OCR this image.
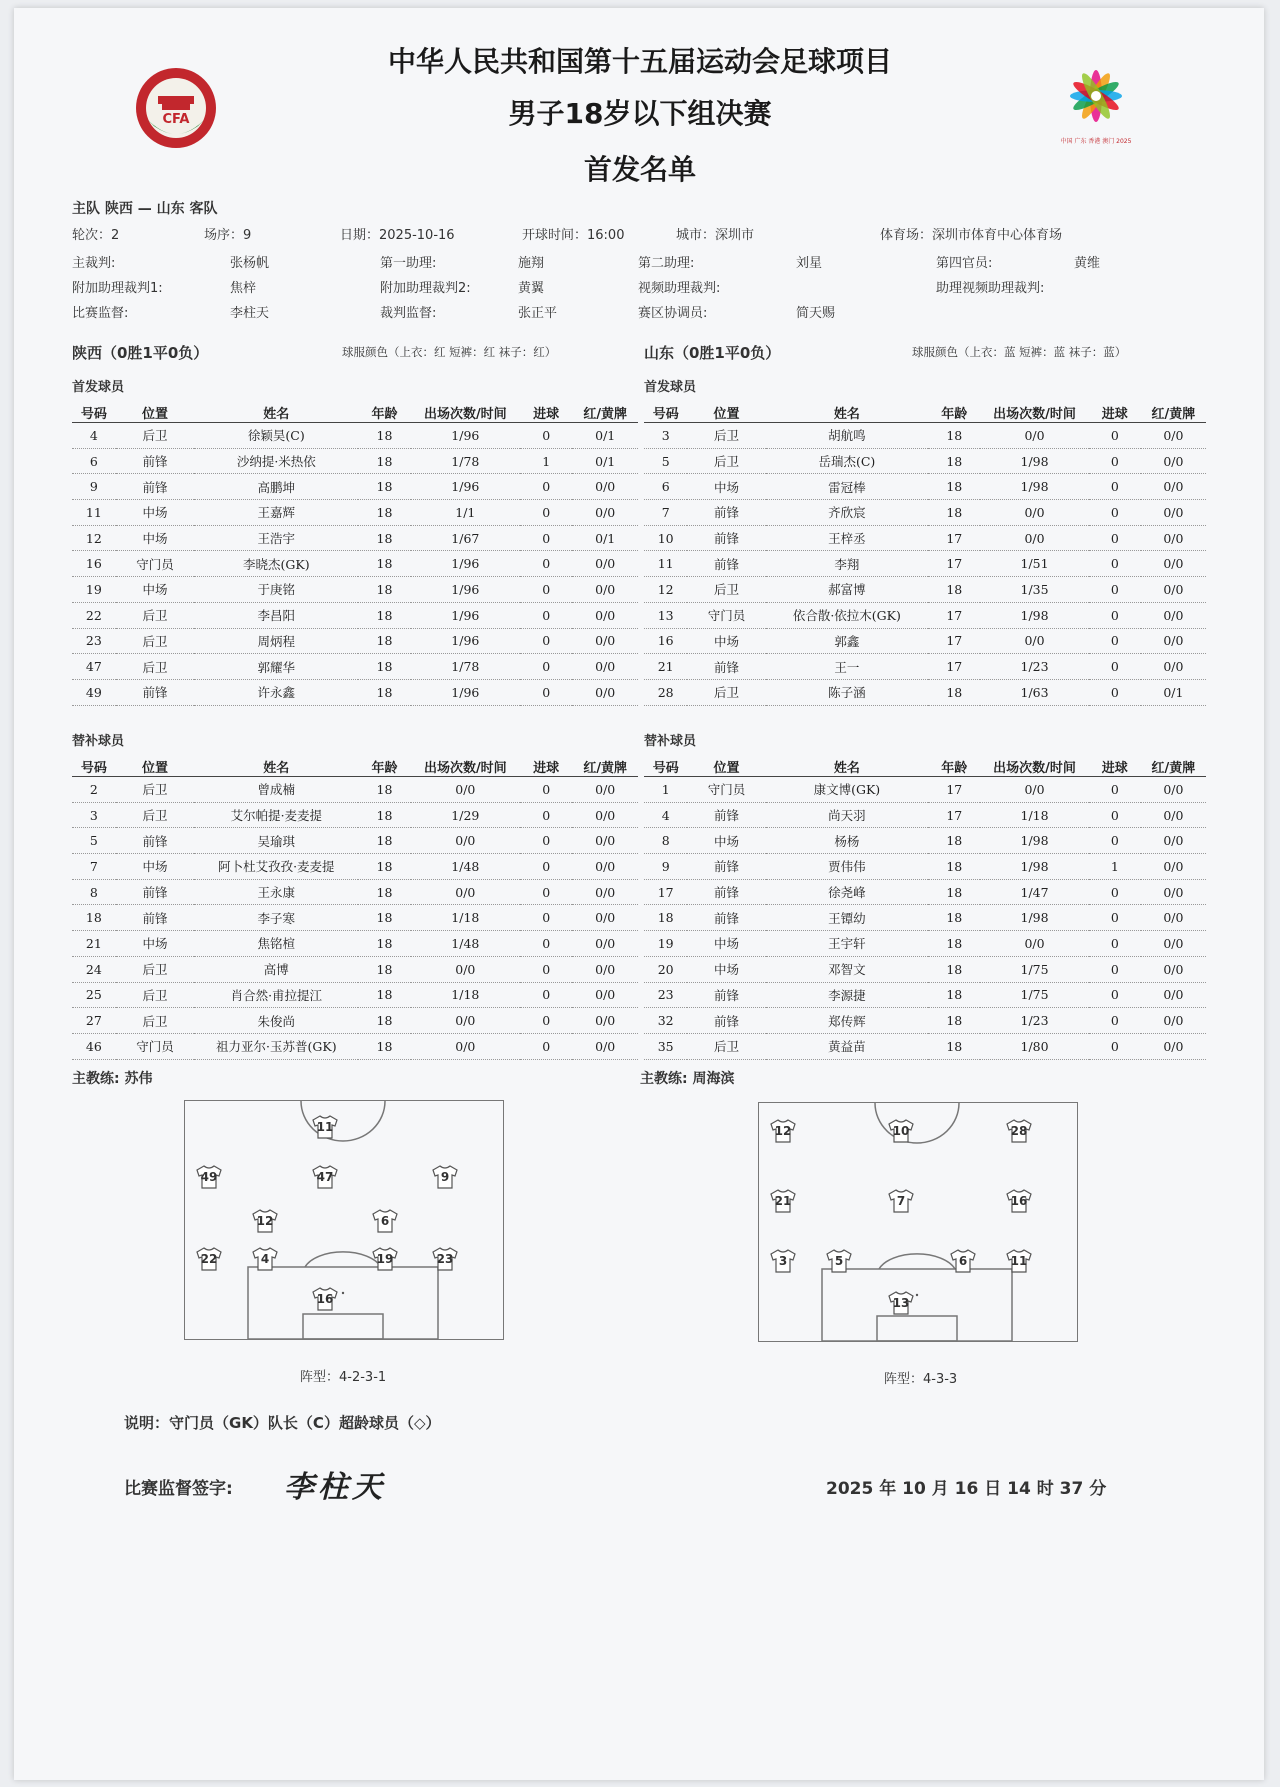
CFA
中国 广东 香港 澳门 2025
中华人民共和国第十五届运动会足球项目
男子18岁以下组决赛
首发名单
主队 陕西 — 山东 客队
轮次：2	场序：9	日期：2025-10-16	开球时间：16:00	城市：深圳市	体育场：深圳市体育中心体育场
主裁判:	张杨帆	第一助理:	施翔	第二助理:	刘星	第四官员:	黄维
附加助理裁判1:	焦梓	附加助理裁判2:	黄翼	视频助理裁判:	助理视频助理裁判:
比赛监督:	李柱天	裁判监督:	张正平	赛区协调员:	简天赐
陕西（0胜1平0负）	球服颜色（上衣：红 短裤：红 袜子：红）	山东（0胜1平0负）	球服颜色（上衣：蓝 短裤：蓝 袜子：蓝）
首发球员	首发球员
替补球员	替补球员
号码	位置	姓名	年龄	出场次数/时间	进球	红/黄牌
4	后卫	徐颖昊(C)	18	1/96	0	0/1
6	前锋	沙纳提·米热依	18	1/78	1	0/1
9	前锋	高鹏坤	18	1/96	0	0/0
11	中场	王嘉辉	18	1/1	0	0/0
12	中场	王浩宇	18	1/67	0	0/1
16	守门员	李晓杰(GK)	18	1/96	0	0/0
19	中场	于庚铭	18	1/96	0	0/0
22	后卫	李昌阳	18	1/96	0	0/0
23	后卫	周炳程	18	1/96	0	0/0
47	后卫	郭耀华	18	1/78	0	0/0
49	前锋	许永鑫	18	1/96	0	0/0
号码	位置	姓名	年龄	出场次数/时间	进球	红/黄牌
3	后卫	胡航鸣	18	0/0	0	0/0
5	后卫	岳瑞杰(C)	18	1/98	0	0/0
6	中场	雷冠棒	18	1/98	0	0/0
7	前锋	齐欣宸	18	0/0	0	0/0
10	前锋	王梓丞	17	0/0	0	0/0
11	前锋	李翔	17	1/51	0	0/0
12	后卫	郝富博	18	1/35	0	0/0
13	守门员	依合散·依拉木(GK)	17	1/98	0	0/0
16	中场	郭鑫	17	0/0	0	0/0
21	前锋	王一	17	1/23	0	0/0
28	后卫	陈子涵	18	1/63	0	0/1
号码	位置	姓名	年龄	出场次数/时间	进球	红/黄牌
2	后卫	曾成楠	18	0/0	0	0/0
3	后卫	艾尔帕提·麦麦提	18	1/29	0	0/0
5	前锋	吴瑜琪	18	0/0	0	0/0
7	中场	阿卜杜艾孜孜·麦麦提	18	1/48	0	0/0
8	前锋	王永康	18	0/0	0	0/0
18	前锋	李子寒	18	1/18	0	0/0
21	中场	焦铭楦	18	1/48	0	0/0
24	后卫	高博	18	0/0	0	0/0
25	后卫	肖合然·甫拉提江	18	1/18	0	0/0
27	后卫	朱俊尚	18	0/0	0	0/0
46	守门员	祖力亚尔·玉苏普(GK)	18	0/0	0	0/0
号码	位置	姓名	年龄	出场次数/时间	进球	红/黄牌
1	守门员	康文博(GK)	17	0/0	0	0/0
4	前锋	尚天羽	17	1/18	0	0/0
8	中场	杨杨	18	1/98	0	0/0
9	前锋	贾伟伟	18	1/98	1	0/0
17	前锋	徐尧峰	18	1/47	0	0/0
18	前锋	王镡幼	18	1/98	0	0/0
19	中场	王宇轩	18	0/0	0	0/0
20	中场	邓智文	18	1/75	0	0/0
23	前锋	李源捷	18	1/75	0	0/0
32	前锋	郑传辉	18	1/23	0	0/0
35	后卫	黄益苗	18	1/80	0	0/0
主教练: 苏伟	主教练: 周海滨
11
49	47	9
12	6
22	4	19	23
16
12	10	28
21	7	16
3	5	6	11
13
阵型：4-2-3-1	阵型：4-3-3
说明：守门员（GK）队长（C）超龄球员（◇）
比赛监督签字: 李柱天	2025 年 10 月 16 日 14 时 37 分
